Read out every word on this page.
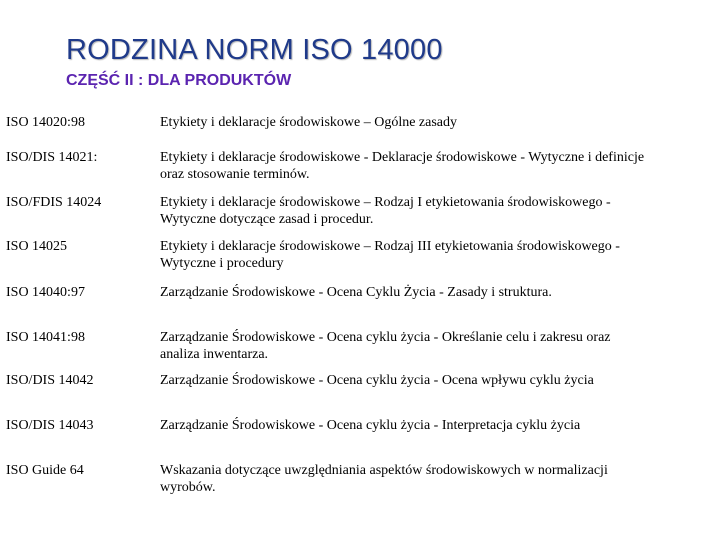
RODZINA NORM ISO 14000
CZĘŚĆ II : DLA PRODUKTÓW
ISO 14020:98	Etykiety i deklaracje środowiskowe – Ogólne zasady
ISO/DIS 14021:	Etykiety i deklaracje środowiskowe - Deklaracje środowiskowe - Wytyczne i definicje
oraz stosowanie terminów.
ISO/FDIS 14024	Etykiety i deklaracje środowiskowe – Rodzaj I etykietowania środowiskowego -
Wytyczne dotyczące zasad i procedur.
ISO 14025	Etykiety i deklaracje środowiskowe – Rodzaj III etykietowania środowiskowego -
Wytyczne i procedury
ISO 14040:97	Zarządzanie Środowiskowe - Ocena Cyklu Życia - Zasady i struktura.
ISO 14041:98	Zarządzanie Środowiskowe - Ocena cyklu życia - Określanie celu i zakresu oraz
analiza inwentarza.
ISO/DIS 14042	Zarządzanie Środowiskowe - Ocena cyklu życia - Ocena wpływu cyklu życia
ISO/DIS 14043	Zarządzanie Środowiskowe - Ocena cyklu życia - Interpretacja cyklu życia
ISO Guide 64	Wskazania dotyczące uwzględniania aspektów środowiskowych w normalizacji
wyrobów.
